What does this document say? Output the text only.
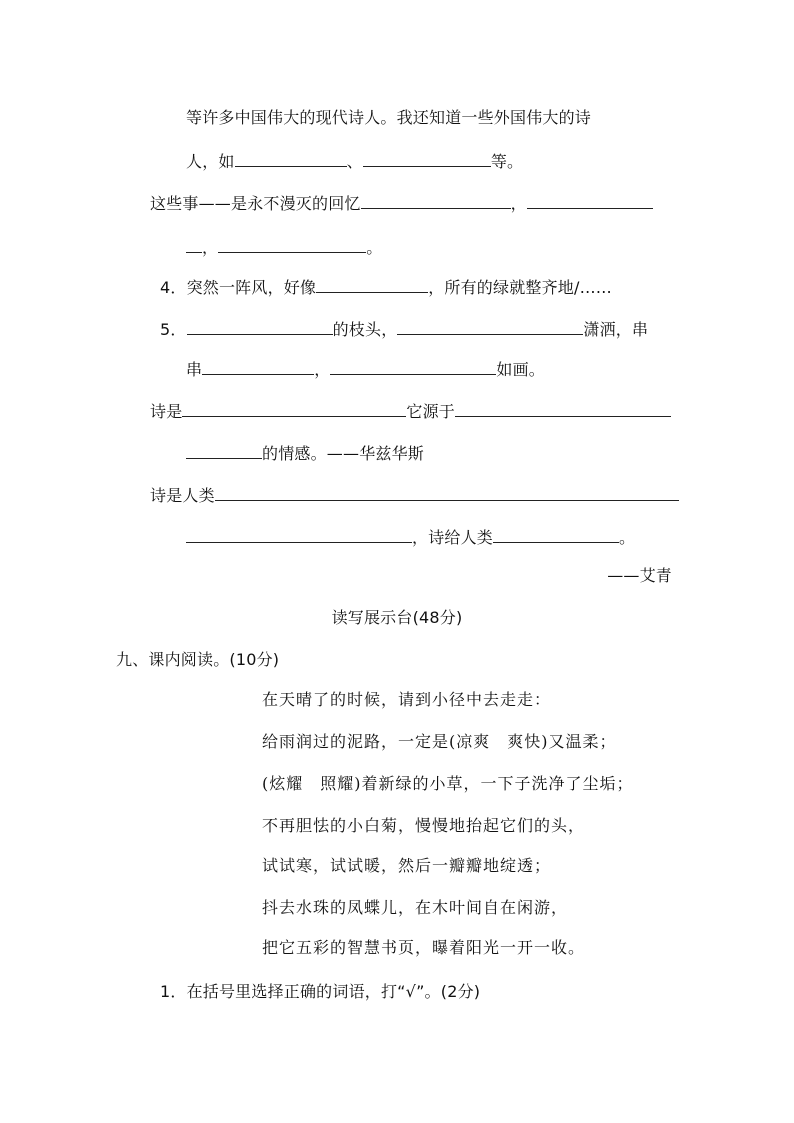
等许多中国伟大的现代诗人。我还知道一些外国伟大的诗
人，如	、	等。
这些事——是永不漫灭的回忆	，
，	。
4．突然一阵风，好像	，所有的绿就整齐地/……
5．	的枝头，	潇洒，串
串	，	如画。
诗是	它源于
的情感。——华兹华斯
诗是人类
，诗给人类	。
——艾青
读写展示台(48分)
九、课内阅读。(10分)
在天晴了的时候，请到小径中去走走：
给雨润过的泥路，一定是(凉爽　爽快)又温柔；
(炫耀　照耀)着新绿的小草，一下子洗净了尘垢；
不再胆怯的小白菊，慢慢地抬起它们的头，
试试寒，试试暖，然后一瓣瓣地绽透；
抖去水珠的凤蝶儿，在木叶间自在闲游，
把它五彩的智慧书页，曝着阳光一开一收。
1．在括号里选择正确的词语，打“√”。(2分)
